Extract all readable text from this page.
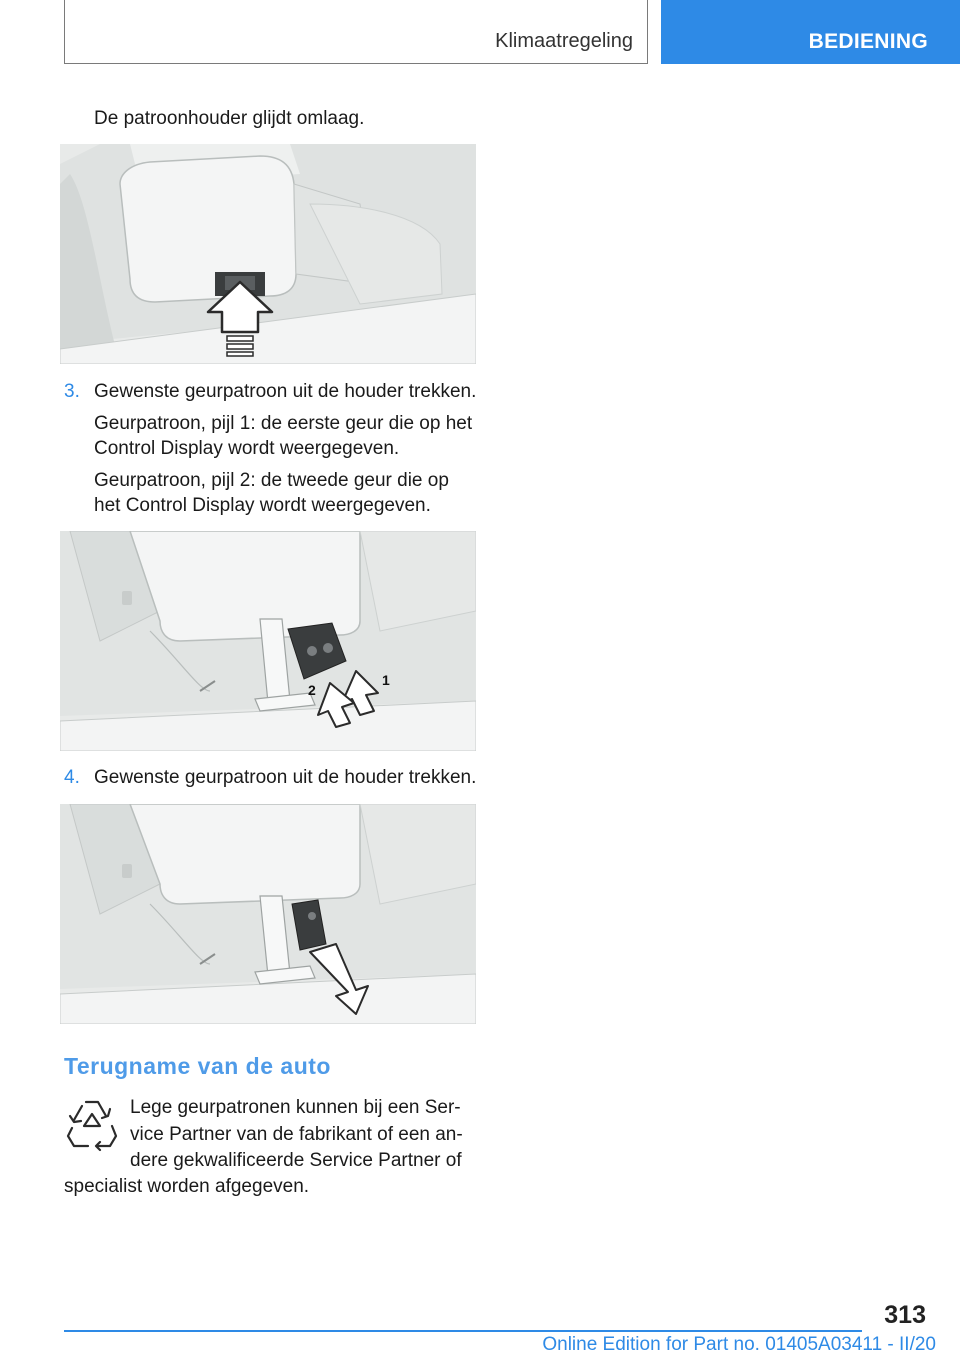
Klimaatregeling	BEDIENING
De patroonhouder glijdt omlaag.
3. Gewenste geurpatroon uit de houder trekken.
Geurpatroon, pijl 1: de eerste geur die op het
Control Display wordt weergegeven.
Geurpatroon, pijl 2: de tweede geur die op
het Control Display wordt weergegeven.
2
1
4. Gewenste geurpatroon uit de houder trekken.
Terugname van de auto
Lege geurpatronen kunnen bij een Ser‐
vice Partner van de fabrikant of een an‐
dere gekwalificeerde Service Partner of
specialist worden afgegeven.
313
Online Edition for Part no. 01405A03411 - II/20
